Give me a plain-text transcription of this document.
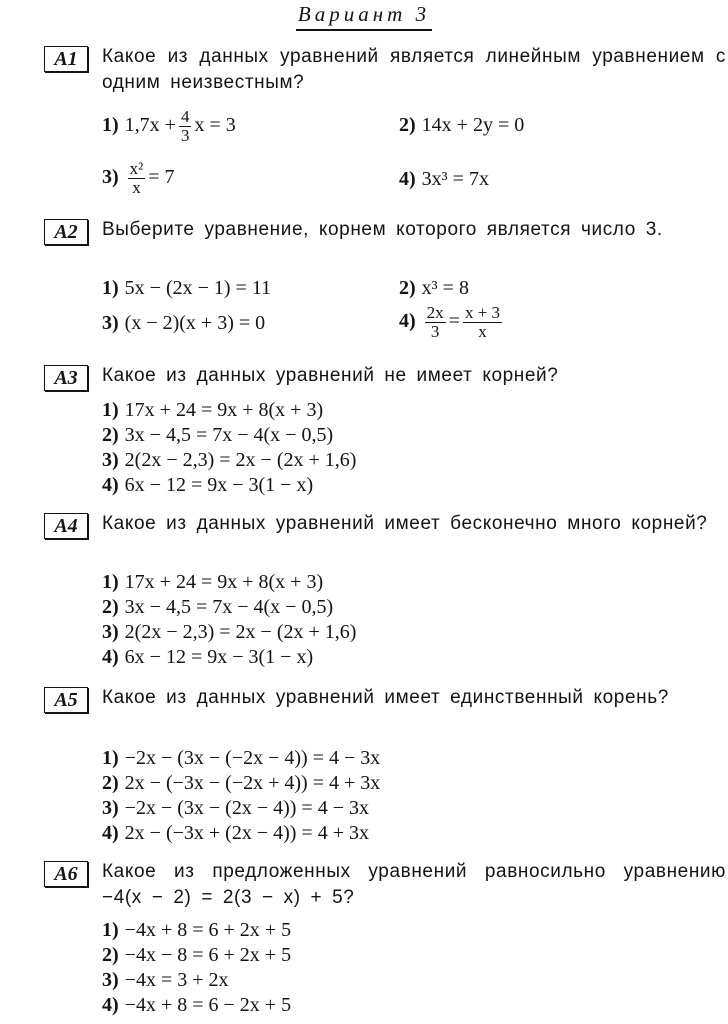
Вариант 3
A1	Какое из данных уравнений является линейным уравнением с одним неизвестным?
1) $1,7x + \frac{4}{3}$ x = 3	2) 14x + 2y = 0
$3) \frac{\text{x²}}{x} = 7$	4) 3x³ = 7x
A2	Выберите уравнение, корнем которого является число 3.
1) 5x − (2x − 1) = 11	2) x³ = 8
3) (x − 2)(x + 3) = 0	$4) \frac{2x}{3} = \frac{x + 3}{x}$
A3	Какое из данных уравнений не имеет корней?
1) 17x + 24 = 9x + 8(x + 3)
2) 3x − 4,5 = 7x − 4(x − 0,5)
3) 2(2x − 2,3) = 2x − (2x + 1,6)
4) 6x − 12 = 9x − 3(1 − x)
A4	Какое из данных уравнений имеет бесконечно много корней?
1) 17x + 24 = 9x + 8(x + 3)
2) 3x − 4,5 = 7x − 4(x − 0,5)
3) 2(2x − 2,3) = 2x − (2x + 1,6)
4) 6x − 12 = 9x − 3(1 − x)
A5	Какое из данных уравнений имеет единственный корень?
1) −2x − (3x − (−2x − 4)) = 4 − 3x
2) 2x − (−3x − (−2x + 4)) = 4 + 3x
3) −2x − (3x − (2x − 4)) = 4 − 3x
4) 2x − (−3x + (2x − 4)) = 4 + 3x
A6	Какое из предложенных уравнений равносильно уравнению −4(x − 2) = 2(3 − x) + 5?
1) −4x + 8 = 6 + 2x + 5
2) −4x − 8 = 6 + 2x + 5
3) −4x = 3 + 2x
4) −4x + 8 = 6 − 2x + 5
